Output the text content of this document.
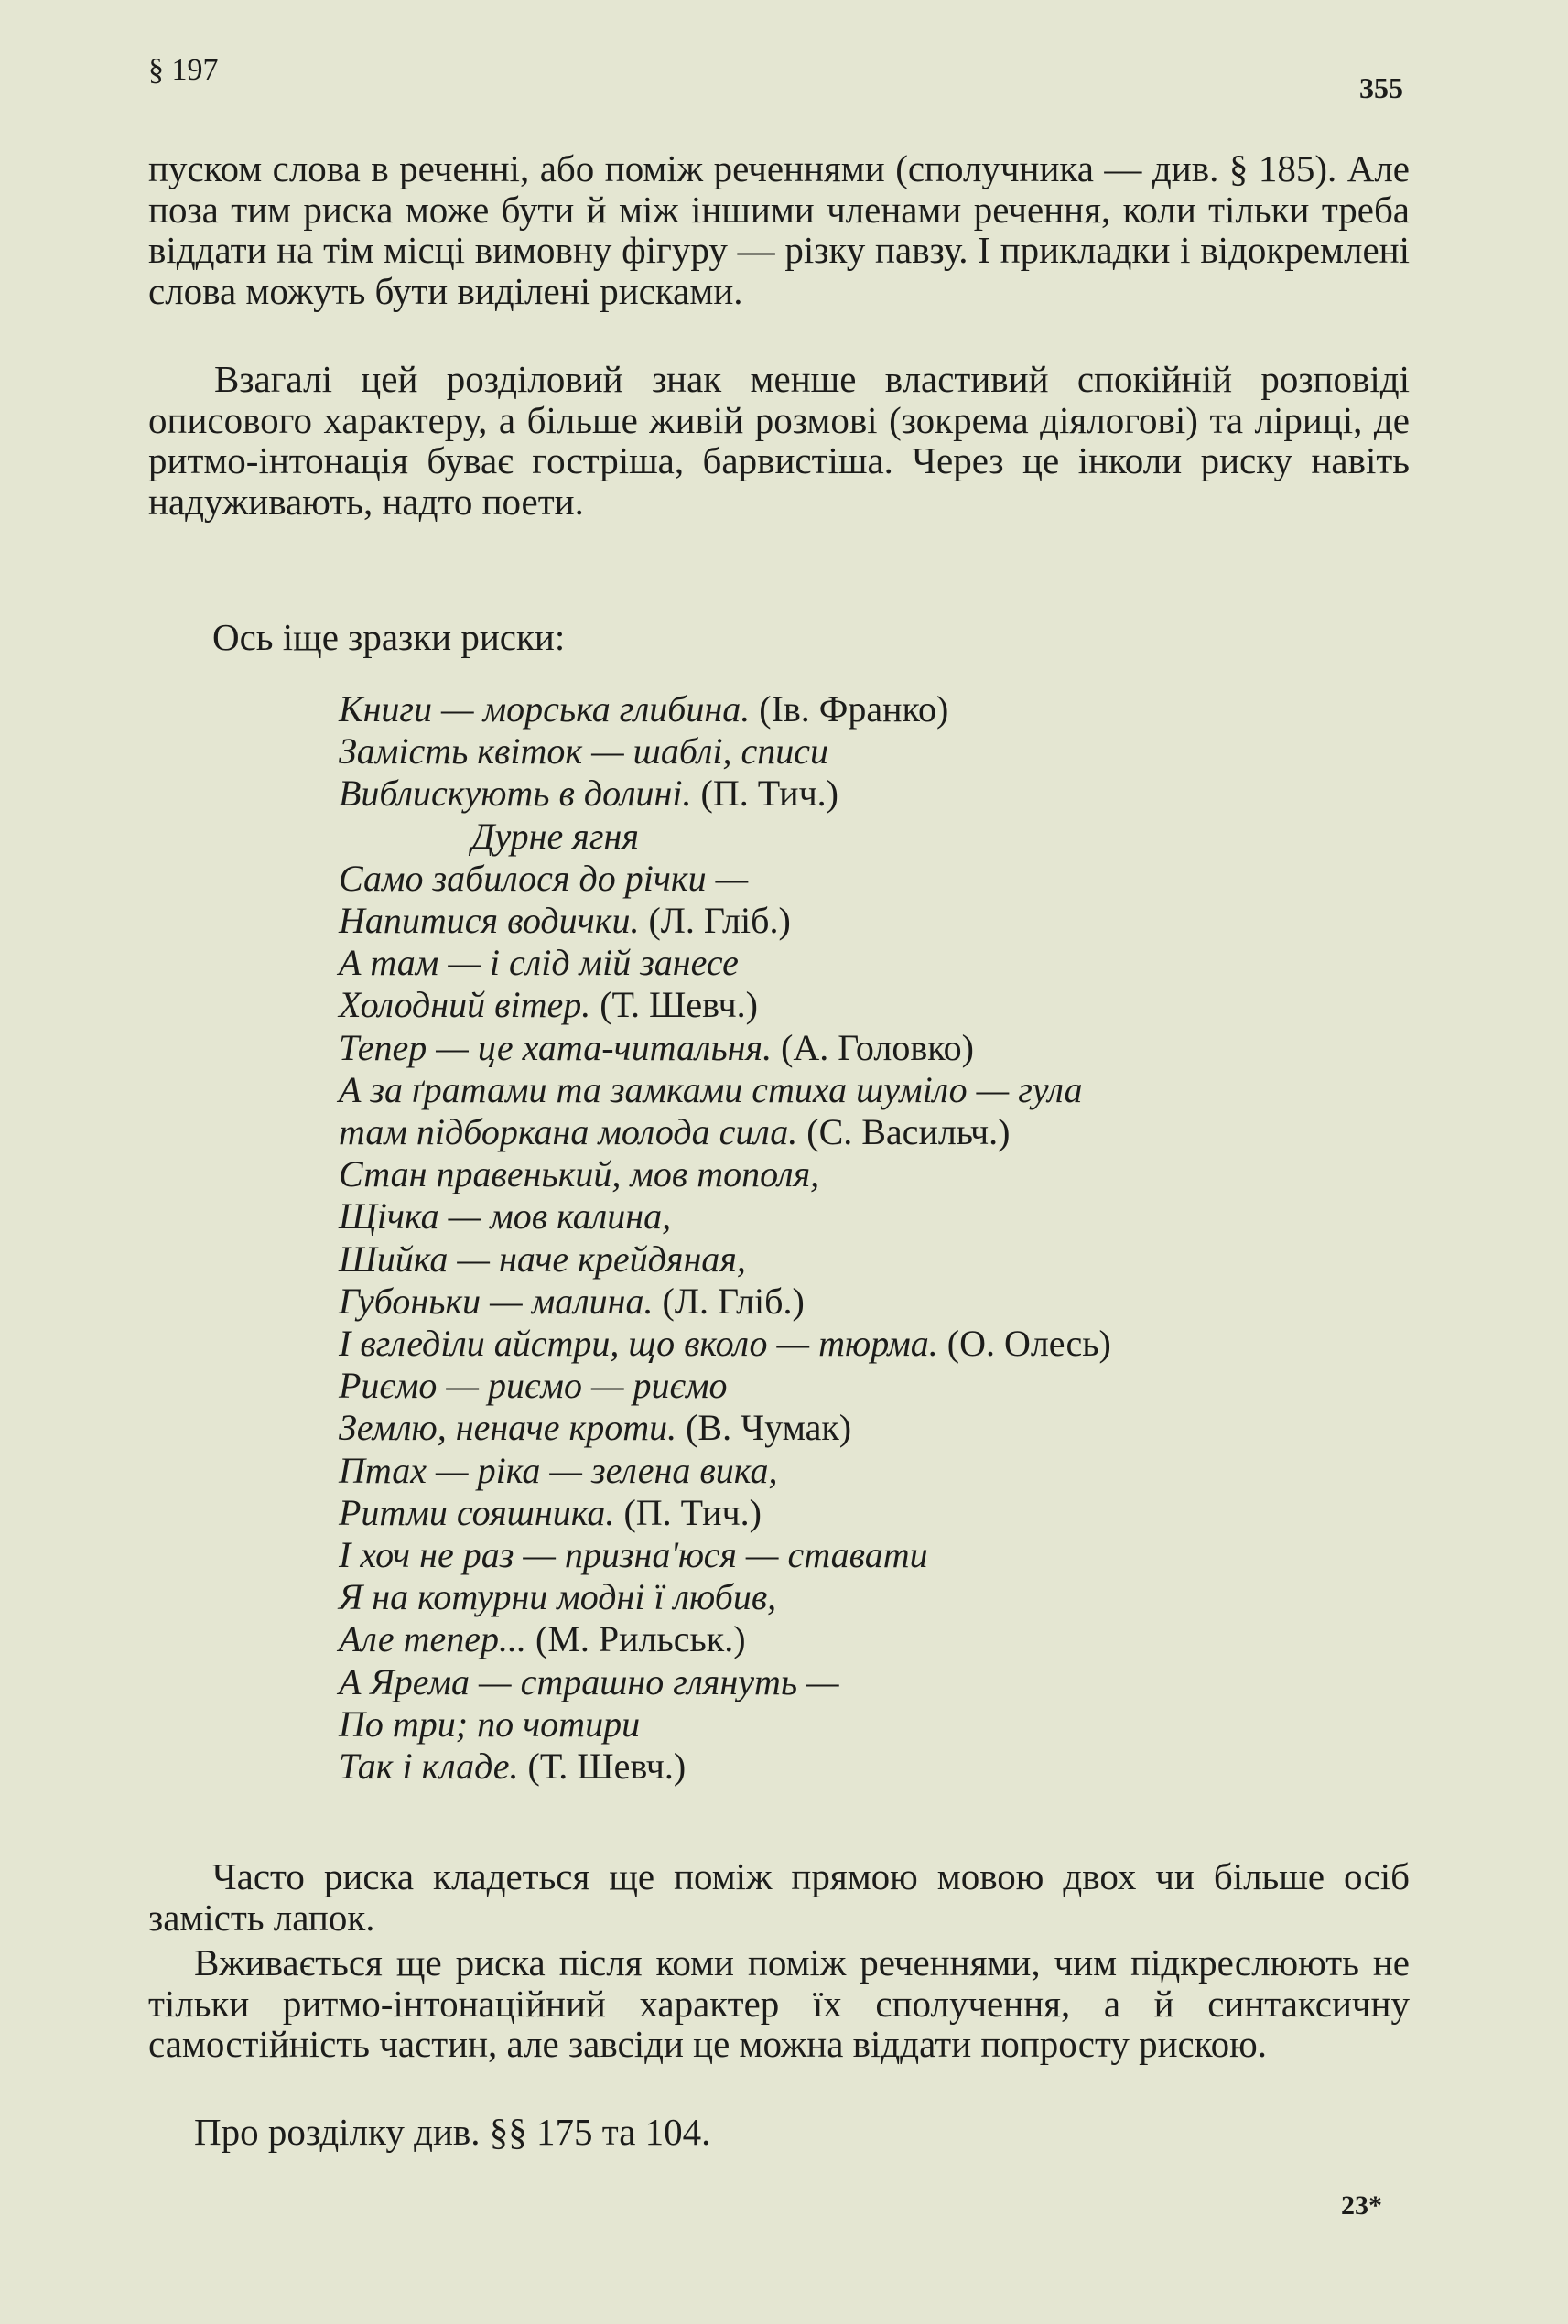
§ 197
355
пуском слова в реченні, або поміж реченнями (сполучника — див. § 185). Але поза тим риска може бути й між іншими членами речення, коли тільки треба віддати на тім місці вимовну фігуру — різку павзу. І прикладки і відокремлені слова можуть бути виділені рисками.
Взагалі цей розділовий знак менше властивий спокійній розповіді описового характеру, а більше живій розмові (зокрема діялогові) та ліриці, де ритмо-інтонація буває гостріша, барвистіша. Через це інколи риску навіть надуживають, надто поети.
Ось іще зразки риски:
Книги — морська глибина. (Ів. Франко)
Замість квіток — шаблі, списи
Виблискують в долині. (П. Тич.)
Дурне ягня
Само забилося до річки —
Напитися водички. (Л. Гліб.)
А там — і слід мій занесе
Холодний вітер. (Т. Шевч.)
Тепер — це хата-читальня. (А. Головко)
А за ґратами та замками стиха шуміло — гула
там підборкана молода сила. (С. Васильч.)
Стан правенький, мов тополя,
Щічка — мов калина,
Шийка — наче крейдяная,
Губоньки — малина. (Л. Гліб.)
І вгледіли айстри, що вколо — тюрма. (О. Олесь)
Риємо — риємо — риємо
Землю, неначе кроти. (В. Чумак)
Птах — ріка — зелена вика,
Ритми сояшника. (П. Тич.)
І хоч не раз — призна'юся — ставати
Я на котурни модні ї любив,
Але тепер... (М. Рильськ.)
А Ярема — страшно глянуть —
По три; по чотири
Так і кладе. (Т. Шевч.)
Часто риска кладеться ще поміж прямою мовою двох чи більше осіб замість лапок.
Вживається ще риска після коми поміж реченнями, чим підкреслюють не тільки ритмо-інтонаційний характер їх сполучення, а й синтаксичну самостійність частин, але завсіди це можна віддати попросту рискою.
Про розділку див. §§ 175 та 104.
23*
